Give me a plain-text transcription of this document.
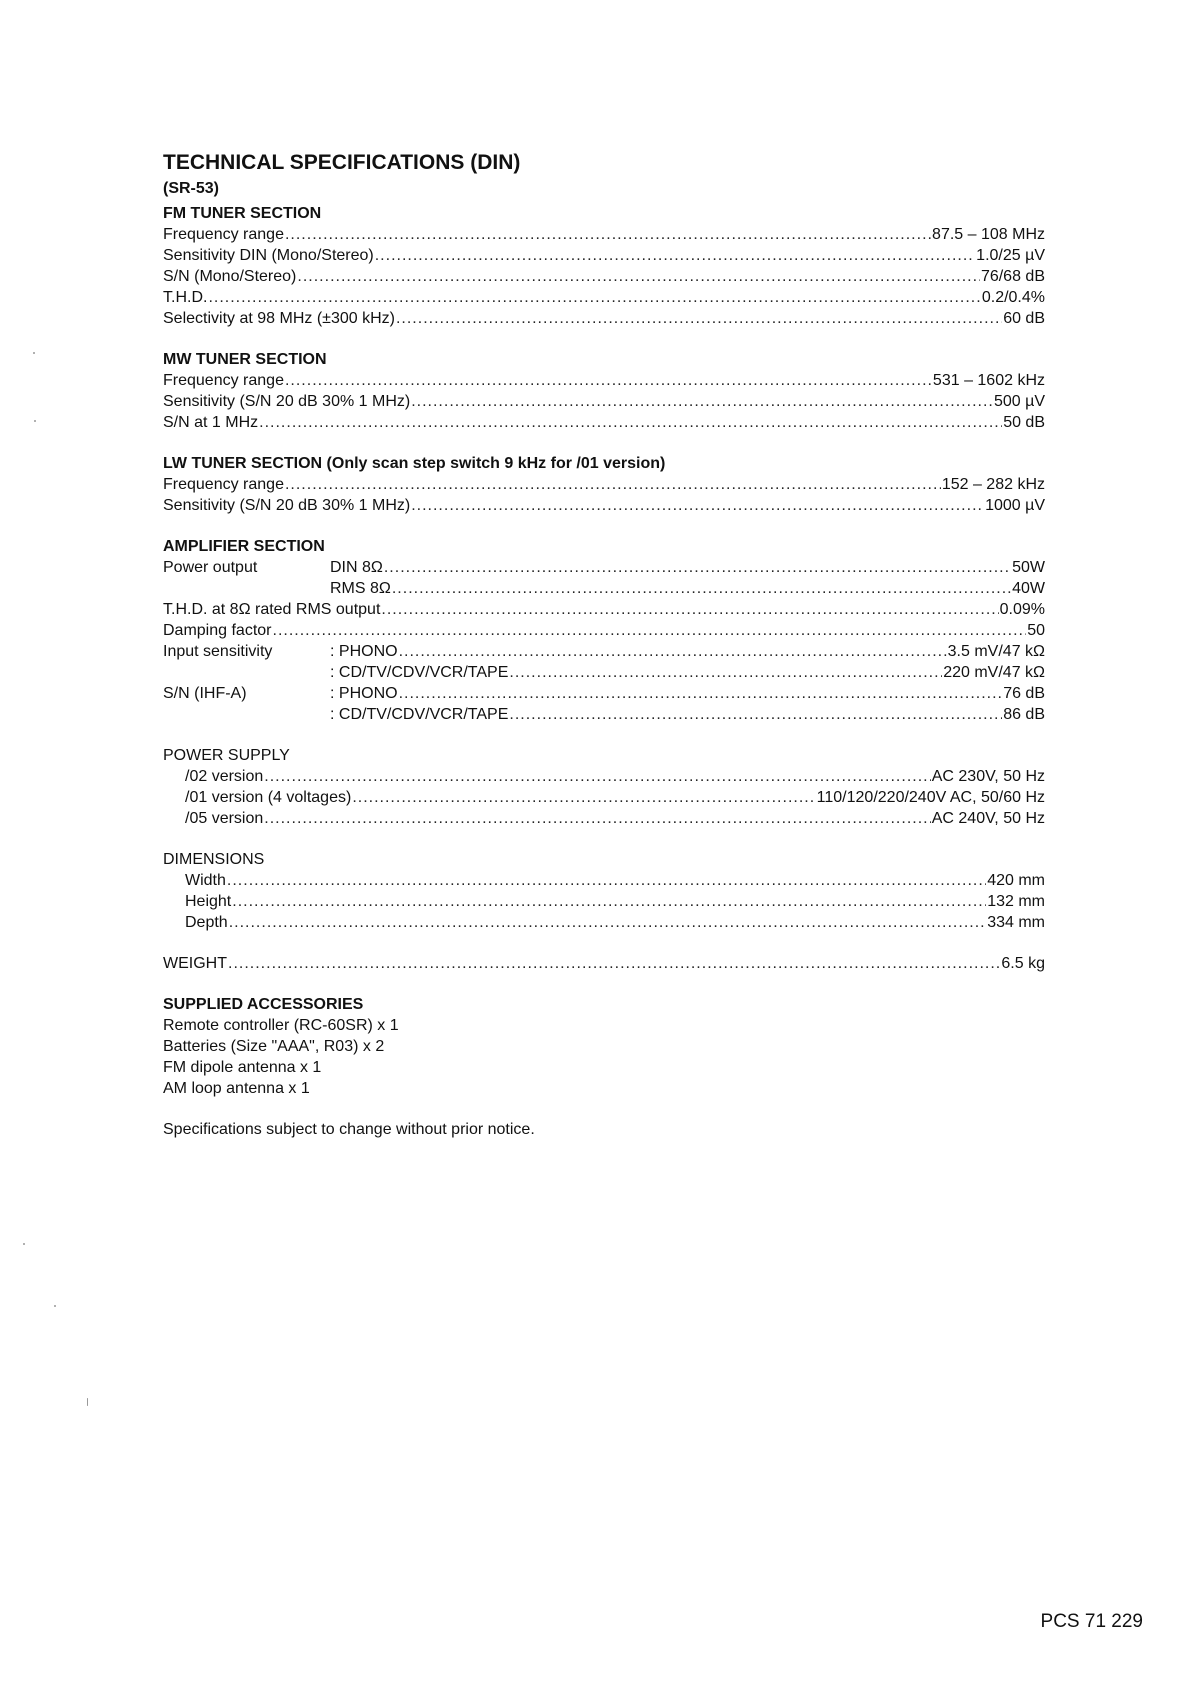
TECHNICAL SPECIFICATIONS (DIN)
(SR-53)
FM TUNER SECTION
Frequency range .....	87.5 – 108 MHz
Sensitivity DIN (Mono/Stereo) .....	1.0/25 µV
S/N (Mono/Stereo) .....	76/68 dB
T.H.D. .....	0.2/0.4%
Selectivity at 98 MHz (±300 kHz) .....	60 dB
MW TUNER SECTION
Frequency range .....	531 – 1602 kHz
Sensitivity (S/N 20 dB 30% 1 MHz) .....	500 µV
S/N at 1 MHz .....	50 dB
LW TUNER SECTION (Only scan step switch 9 kHz for /01 version)
Frequency range .....	152 – 282 kHz
Sensitivity (S/N 20 dB 30% 1 MHz) .....	1000 µV
AMPLIFIER SECTION
Power output	DIN 8Ω .....	50W
RMS 8Ω .....	40W
T.H.D. at 8Ω rated RMS output .....	0.09%
Damping factor .....	50
Input sensitivity	: PHONO .....	3.5 mV/47 kΩ
: CD/TV/CDV/VCR/TAPE .....	220 mV/47 kΩ
S/N (IHF-A)	: PHONO .....	76 dB
: CD/TV/CDV/VCR/TAPE .....	86 dB
POWER SUPPLY
/02 version .....	AC 230V, 50 Hz
/01 version (4 voltages) .....	110/120/220/240V AC, 50/60 Hz
/05 version .....	AC 240V, 50 Hz
DIMENSIONS
Width .....	420 mm
Height .....	132 mm
Depth .....	334 mm
WEIGHT .....	6.5 kg
SUPPLIED ACCESSORIES
Remote controller (RC-60SR) x 1
Batteries (Size "AAA", R03) x 2
FM dipole antenna x 1
AM loop antenna x 1
Specifications subject to change without prior notice.
PCS 71 229
